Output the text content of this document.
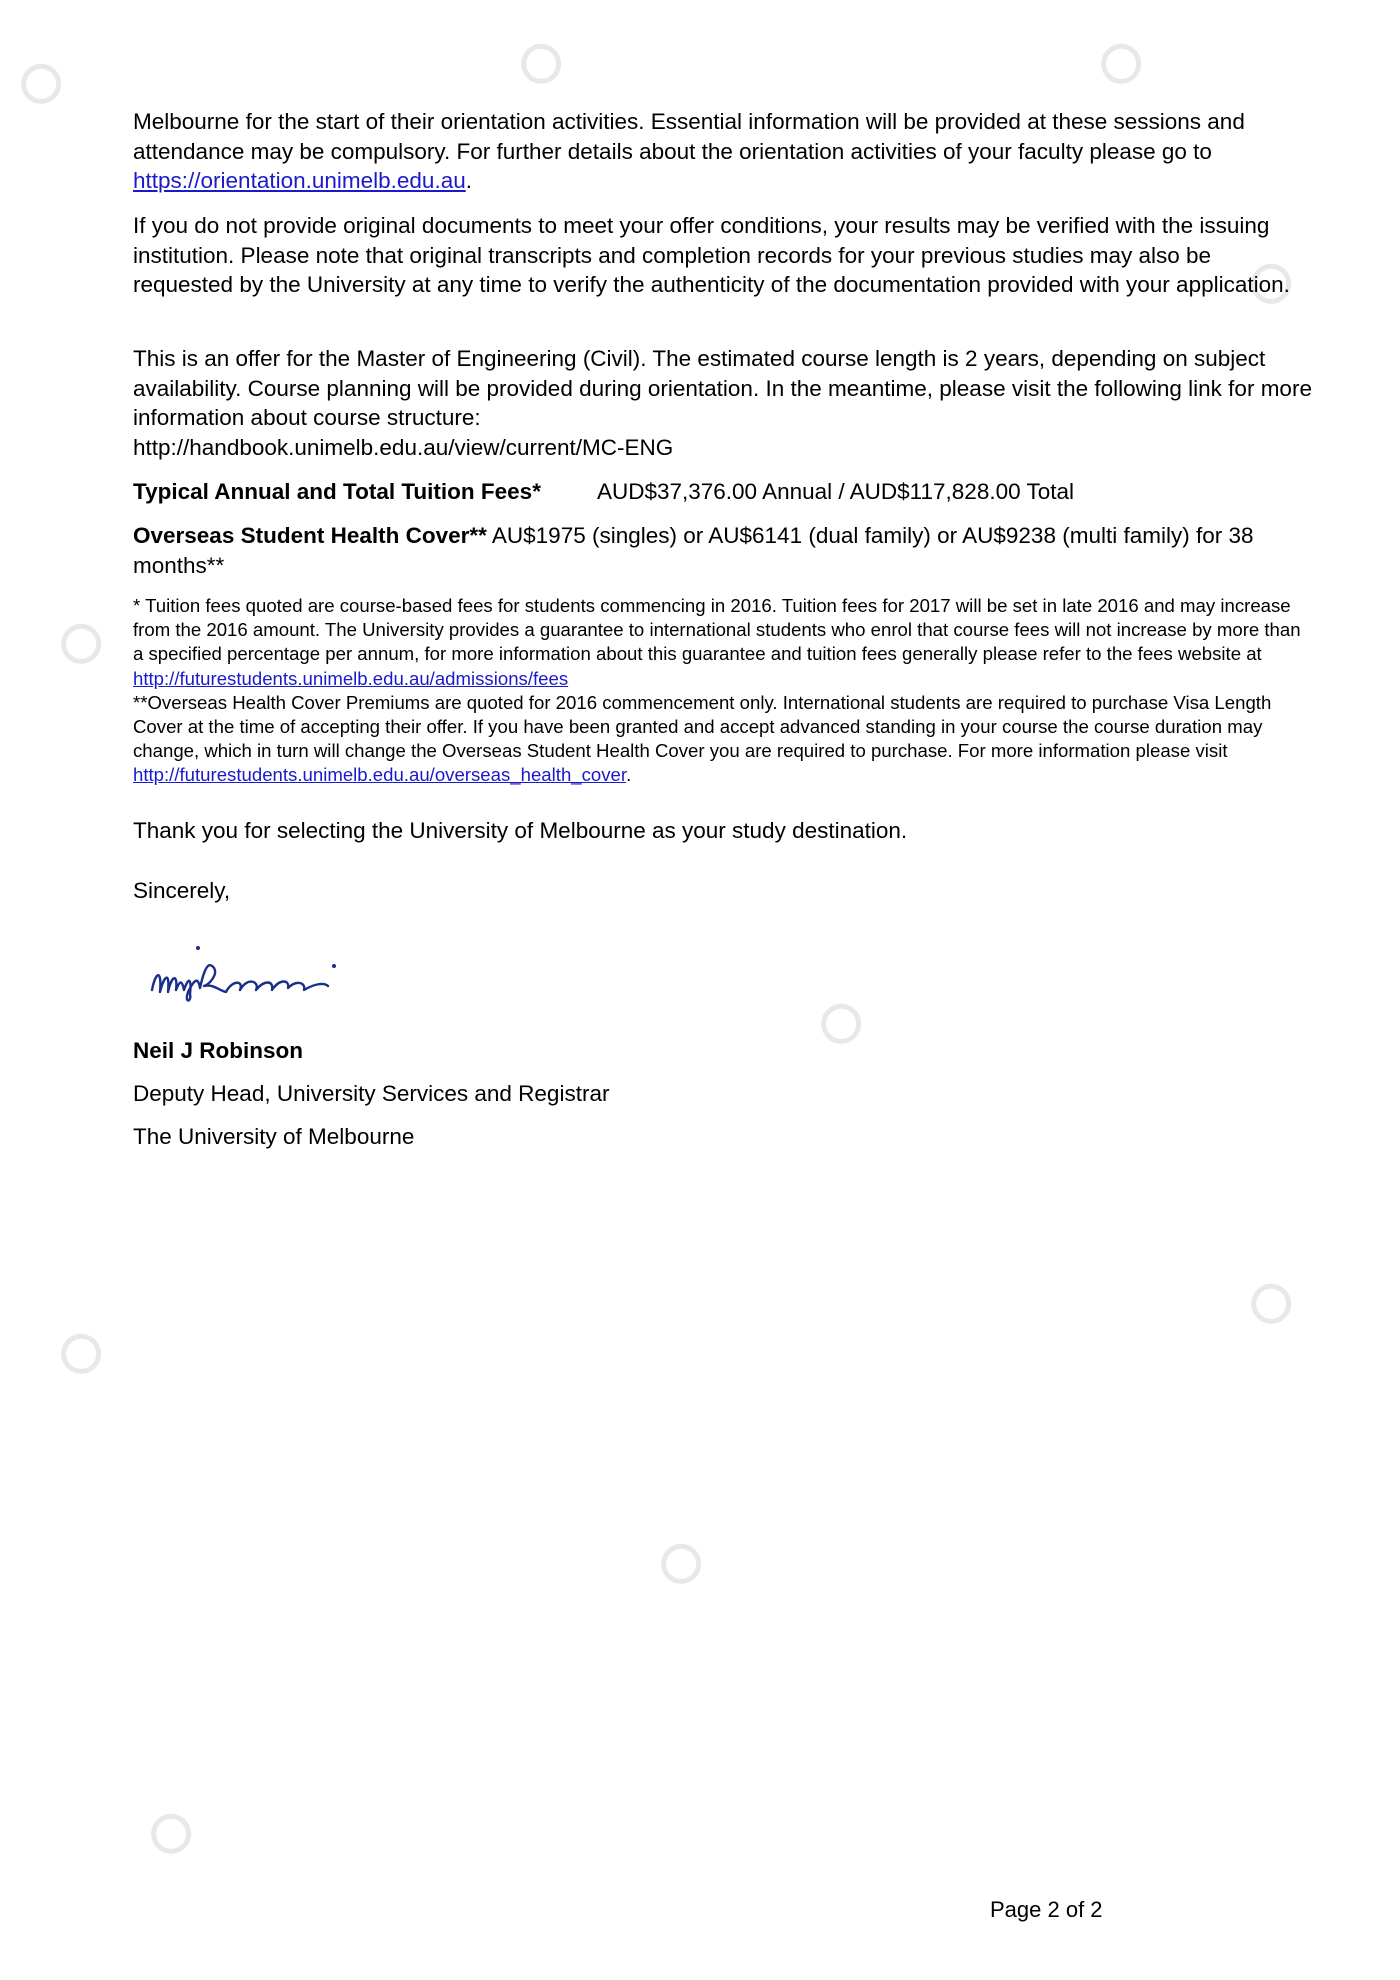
Melbourne for the start of their orientation activities. Essential information will be provided at these sessions and attendance may be compulsory. For further details about the orientation activities of your faculty please go to https://orientation.unimelb.edu.au.

If you do not provide original documents to meet your offer conditions, your results may be verified with the issuing institution. Please note that original transcripts and completion records for your previous studies may also be requested by the University at any time to verify the authenticity of the documentation provided with your application.

This is an offer for the Master of Engineering (Civil). The estimated course length is 2 years, depending on subject availability. Course planning will be provided during orientation. In the meantime, please visit the following link for more information about course structure:

http://handbook.unimelb.edu.au/view/current/MC-ENG

Typical Annual and Total Tuition Fees* AUD$37,376.00 Annual / AUD$117,828.00 Total

Overseas Student Health Cover** AU$1975 (singles) or AU$6141 (dual family) or AU$9238 (multi family) for 38 months**

* Tuition fees quoted are course-based fees for students commencing in 2016. Tuition fees for 2017 will be set in late 2016 and may increase from the 2016 amount. The University provides a guarantee to international students who enrol that course fees will not increase by more than a specified percentage per annum, for more information about this guarantee and tuition fees generally please refer to the fees website at http://futurestudents.unimelb.edu.au/admissions/fees

**Overseas Health Cover Premiums are quoted for 2016 commencement only. International students are required to purchase Visa Length Cover at the time of accepting their offer. If you have been granted and accept advanced standing in your course the course duration may change, which in turn will change the Overseas Student Health Cover you are required to purchase. For more information please visit http://futurestudents.unimelb.edu.au/overseas_health_cover.

Thank you for selecting the University of Melbourne as your study destination.

Sincerely,

Neil J Robinson

Deputy Head, University Services and Registrar

The University of Melbourne

Page 2 of 2
